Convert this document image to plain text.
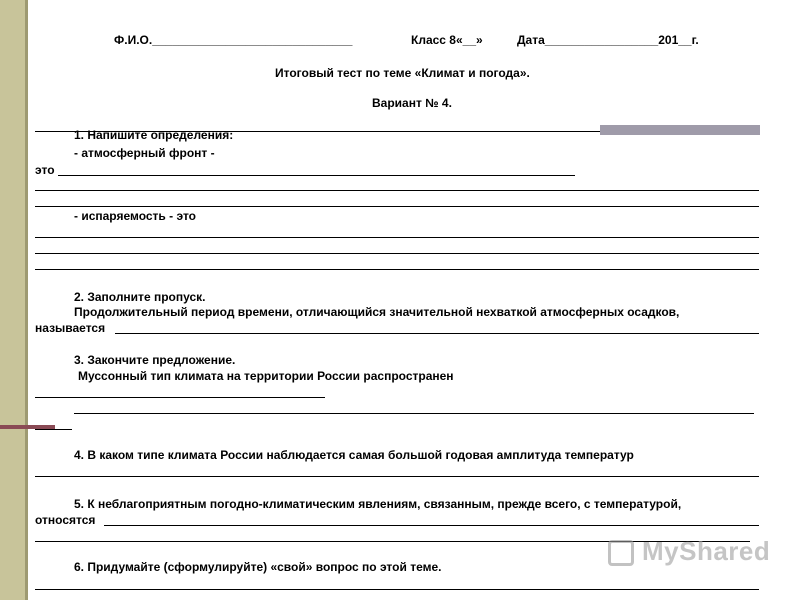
Ф.И.О.______________________________	Класс 8«__»	Дата_________________201__г.
Итоговый тест по теме «Климат и погода».
Вариант № 4.
1. Напишите определения:
- атмосферный фронт -
это
- испаряемость - это
2. Заполните пропуск.
Продолжительный период времени, отличающийся значительной нехваткой атмосферных осадков,
называется
3. Закончите предложение.
Муссонный тип климата на территории России распространен
4. В каком типе климата России наблюдается самая большой годовая амплитуда температур
5. К неблагоприятным погодно-климатическим явлениям, связанным, прежде всего, с температурой,
относятся
6. Придумайте (сформулируйте) «свой» вопрос по этой теме.
MyShared
